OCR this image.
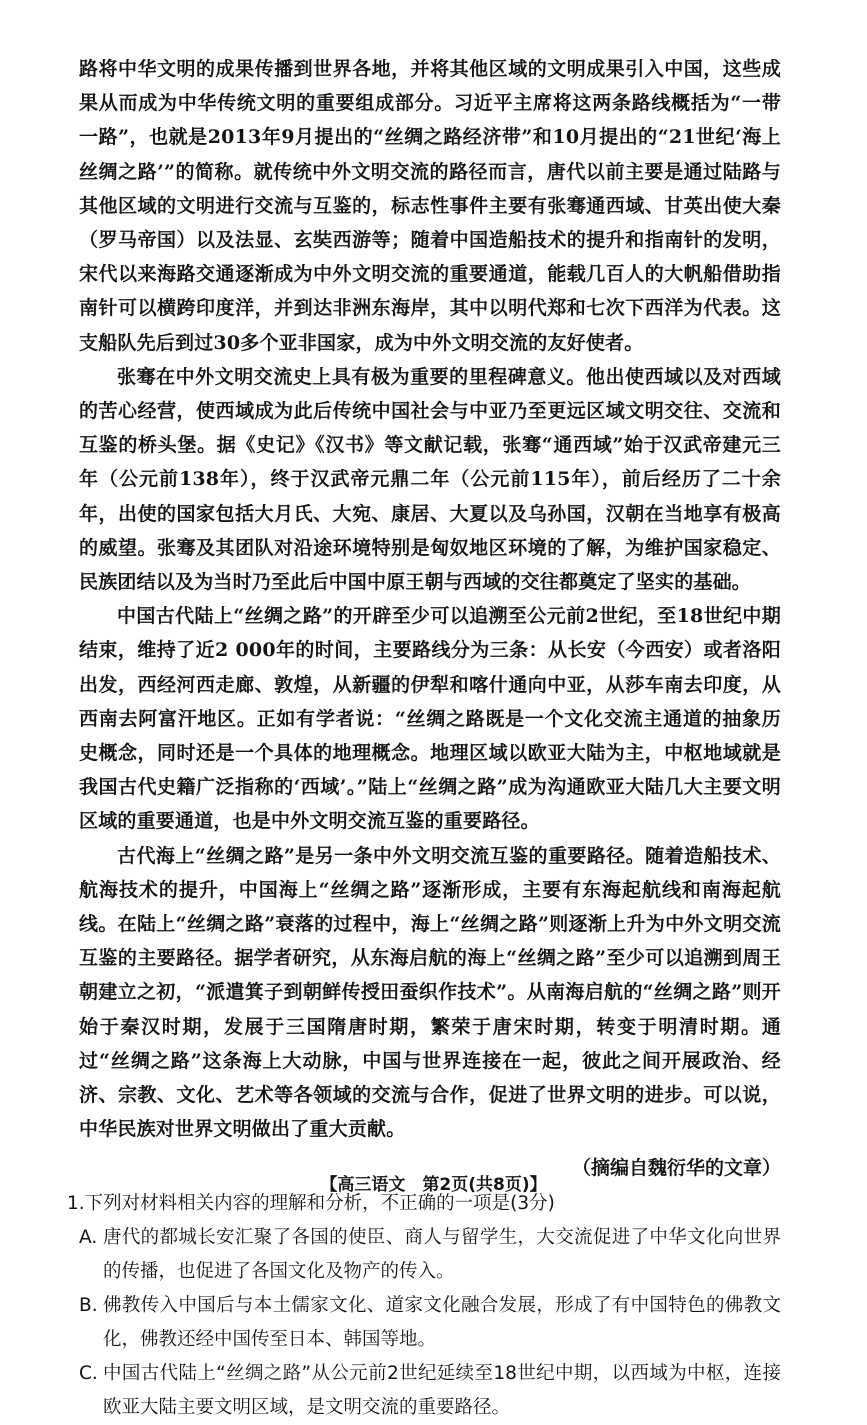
路将中华文明的成果传播到世界各地，并将其他区域的文明成果引入中国，这些成果从而成为中华传统文明的重要组成部分。习近平主席将这两条路线概括为“一带一路”，也就是2013年9月提出的“丝绸之路经济带”和10月提出的“21世纪‘海上丝绸之路’”的简称。就传统中外文明交流的路径而言，唐代以前主要是通过陆路与其他区域的文明进行交流与互鉴的，标志性事件主要有张骞通西域、甘英出使大秦（罗马帝国）以及法显、玄奘西游等；随着中国造船技术的提升和指南针的发明，宋代以来海路交通逐渐成为中外文明交流的重要通道，能载几百人的大帆船借助指南针可以横跨印度洋，并到达非洲东海岸，其中以明代郑和七次下西洋为代表。这支船队先后到过30多个亚非国家，成为中外文明交流的友好使者。

张骞在中外文明交流史上具有极为重要的里程碑意义。他出使西域以及对西域的苦心经营，使西域成为此后传统中国社会与中亚乃至更远区域文明交往、交流和互鉴的桥头堡。据《史记》《汉书》等文献记载，张骞“通西域”始于汉武帝建元三年（公元前138年），终于汉武帝元鼎二年（公元前115年），前后经历了二十余年，出使的国家包括大月氏、大宛、康居、大夏以及乌孙国，汉朝在当地享有极高的威望。张骞及其团队对沿途环境特别是匈奴地区环境的了解，为维护国家稳定、民族团结以及为当时乃至此后中国中原王朝与西域的交往都奠定了坚实的基础。

中国古代陆上“丝绸之路”的开辟至少可以追溯至公元前2世纪，至18世纪中期结束，维持了近2 000年的时间，主要路线分为三条：从长安（今西安）或者洛阳出发，西经河西走廊、敦煌，从新疆的伊犁和喀什通向中亚，从莎车南去印度，从西南去阿富汗地区。正如有学者说：“丝绸之路既是一个文化交流主通道的抽象历史概念，同时还是一个具体的地理概念。地理区域以欧亚大陆为主，中枢地域就是我国古代史籍广泛指称的‘西域’。”陆上“丝绸之路”成为沟通欧亚大陆几大主要文明区域的重要通道，也是中外文明交流互鉴的重要路径。

古代海上“丝绸之路”是另一条中外文明交流互鉴的重要路径。随着造船技术、航海技术的提升，中国海上“丝绸之路”逐渐形成，主要有东海起航线和南海起航线。在陆上“丝绸之路”衰落的过程中，海上“丝绸之路”则逐渐上升为中外文明交流互鉴的主要路径。据学者研究，从东海启航的海上“丝绸之路”至少可以追溯到周王朝建立之初，“派遣箕子到朝鲜传授田蚕织作技术”。从南海启航的“丝绸之路”则开始于秦汉时期，发展于三国隋唐时期，繁荣于唐宋时期，转变于明清时期。通过“丝绸之路”这条海上大动脉，中国与世界连接在一起，彼此之间开展政治、经济、宗教、文化、艺术等各领域的交流与合作，促进了世界文明的进步。可以说，中华民族对世界文明做出了重大贡献。

（摘编自魏衍华的文章）

1.下列对材料相关内容的理解和分析，不正确的一项是(3分)

A. 唐代的都城长安汇聚了各国的使臣、商人与留学生，大交流促进了中华文化向世界的传播，也促进了各国文化及物产的传入。
B. 佛教传入中国后与本土儒家文化、道家文化融合发展，形成了有中国特色的佛教文化，佛教还经中国传至日本、韩国等地。
C. 中国古代陆上“丝绸之路”从公元前2世纪延续至18世纪中期，以西域为中枢，连接欧亚大陆主要文明区域，是文明交流的重要路径。
【高三语文　第2页(共8页)】
